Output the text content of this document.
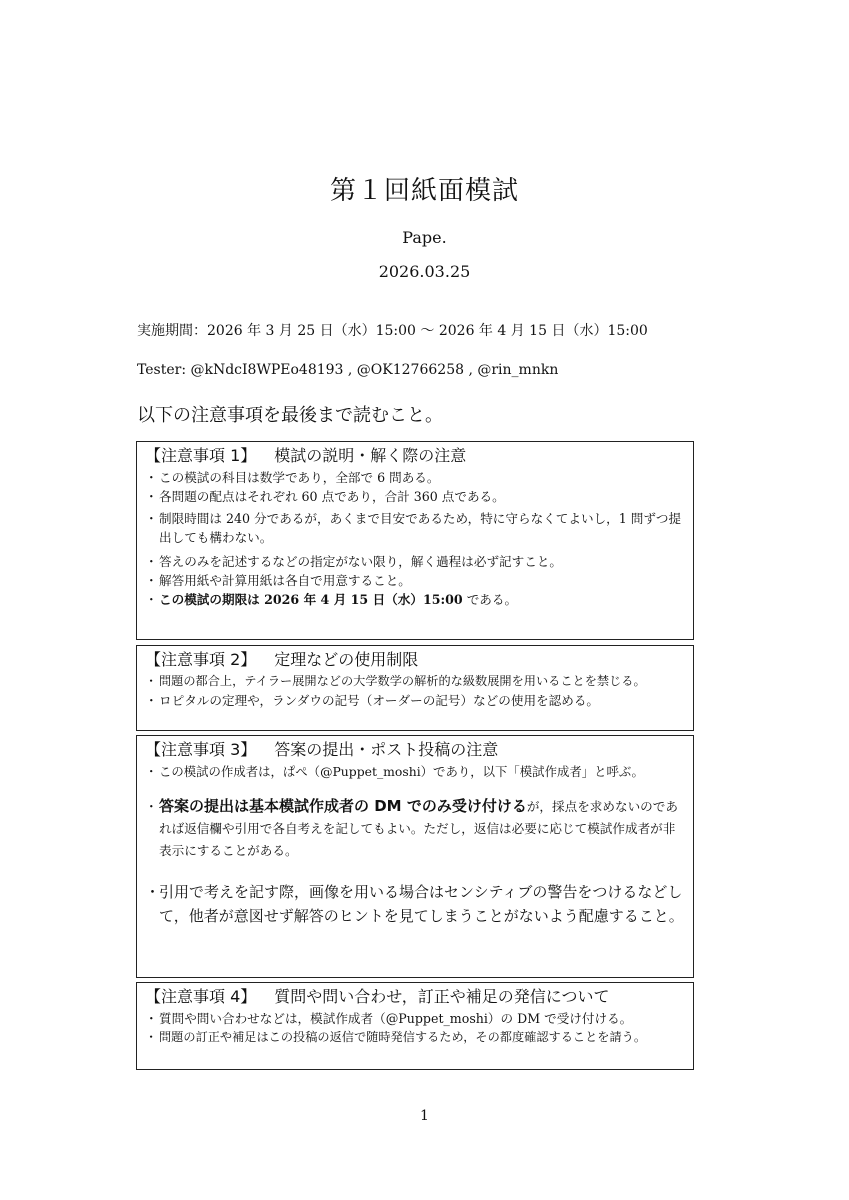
第１回紙面模試
Pape.
2026.03.25
実施期間：2026 年 3 月 25 日（水）15:00 〜 2026 年 4 月 15 日（水）15:00
Tester: @kNdcI8WPEo48193 , @OK12766258 , @rin_mnkn
以下の注意事項を最後まで読むこと。
【注意事項 1】 模試の説明・解く際の注意
・この模試の科目は数学であり，全部で 6 問ある。
・各問題の配点はそれぞれ 60 点であり，合計 360 点である。
・制限時間は 240 分であるが，あくまで目安であるため，特に守らなくてよいし，1 問ずつ提出しても構わない。
・答えのみを記述するなどの指定がない限り，解く過程は必ず記すこと。
・解答用紙や計算用紙は各自で用意すること。
・この模試の期限は 2026 年 4 月 15 日（水）15:00 である。
【注意事項 2】 定理などの使用制限
・ 問題の都合上，テイラー展開などの大学数学の解析的な級数展開を用いることを禁じる。
・ロピタルの定理や，ランダウの記号（オーダーの記号）などの使用を認める。
【注意事項 3】 答案の提出・ポスト投稿の注意
・ この模試の作成者は，ぱぺ（@Puppet_moshi）であり，以下「模試作成者」と呼ぶ。
・答案の提出は基本模試作成者の DM でのみ受け付けるが，採点を求めないのであれば返信欄や引用で各自考えを記してもよい。ただし，返信は必要に応じて模試作成者が非表示にすることがある。
・引用で考えを記す際，画像を用いる場合はセンシティブの警告をつけるなどして，他者が意図せず解答のヒントを見てしまうことがないよう配慮すること。
【注意事項 4】 質問や問い合わせ，訂正や補足の発信について
・質問や問い合わせなどは，模試作成者（@Puppet_moshi）の DM で受け付ける。
・ 問題の訂正や補足はこの投稿の返信で随時発信するため，その都度確認することを請う。
1
